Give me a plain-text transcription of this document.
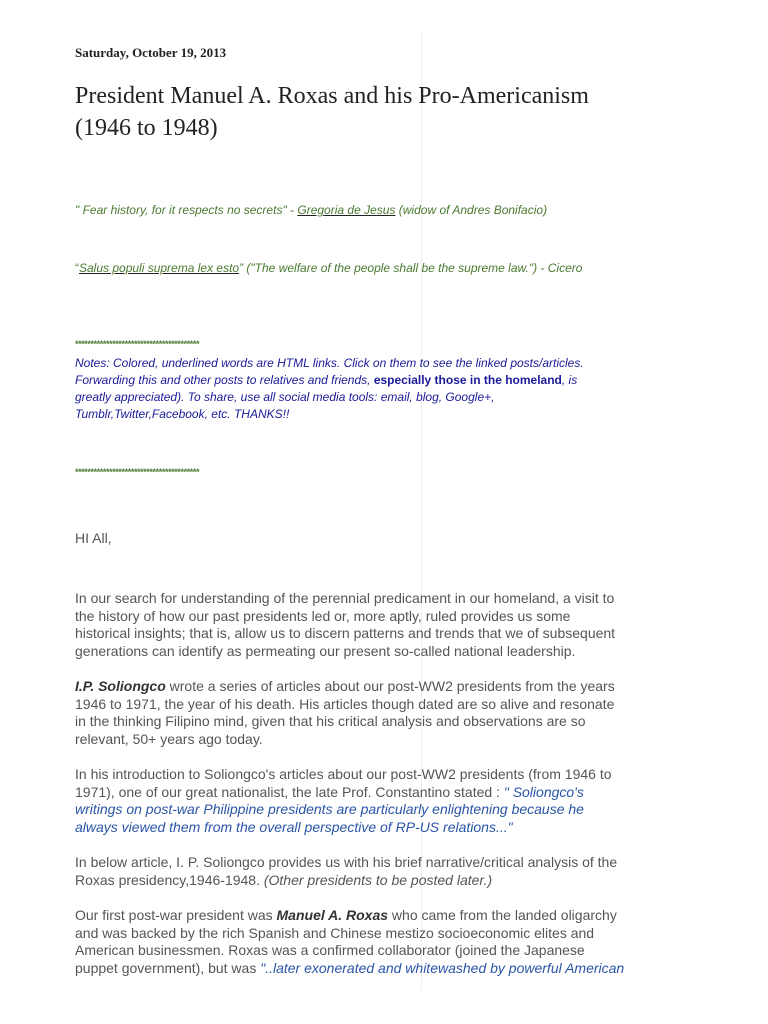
Saturday, October 19, 2013
President Manuel A. Roxas and his Pro-Americanism
(1946 to 1948)
" Fear history, for it respects no secrets" - Gregoria de Jesus (widow of Andres Bonifacio)
“Salus populi suprema lex esto” ("The welfare of the people shall be the supreme law.") - Cicero
****************************************
Notes: Colored, underlined words are HTML links. Click on them to see the linked posts/articles.
Forwarding this and other posts to relatives and friends, especially those in the homeland, is
greatly appreciated). To share, use all social media tools: email, blog, Google+,
Tumblr,Twitter,Facebook, etc. THANKS!!
****************************************
HI All,
In our search for understanding of the perennial predicament in our homeland, a visit to
the history of how our past presidents led or, more aptly, ruled provides us some
historical insights; that is, allow us to discern patterns and trends that we of subsequent
generations can identify as permeating our present so-called national leadership.
I.P. Soliongco wrote a series of articles about our post-WW2 presidents from the years
1946 to 1971, the year of his death. His articles though dated are so alive and resonate
in the thinking Filipino mind, given that his critical analysis and observations are so
relevant, 50+ years ago today.
In his introduction to Soliongco's articles about our post-WW2 presidents (from 1946 to
1971), one of our great nationalist, the late Prof. Constantino stated : " Soliongco's
writings on post-war Philippine presidents are particularly enlightening because he
always viewed them from the overall perspective of RP-US relations..."
In below article, I. P. Soliongco provides us with his brief narrative/critical analysis of the
Roxas presidency,1946-1948. (Other presidents to be posted later.)
Our first post-war president was Manuel A. Roxas who came from the landed oligarchy
and was backed by the rich Spanish and Chinese mestizo socioeconomic elites and
American businessmen. Roxas was a confirmed collaborator (joined the Japanese
puppet government), but was "..later exonerated and whitewashed by powerful American
